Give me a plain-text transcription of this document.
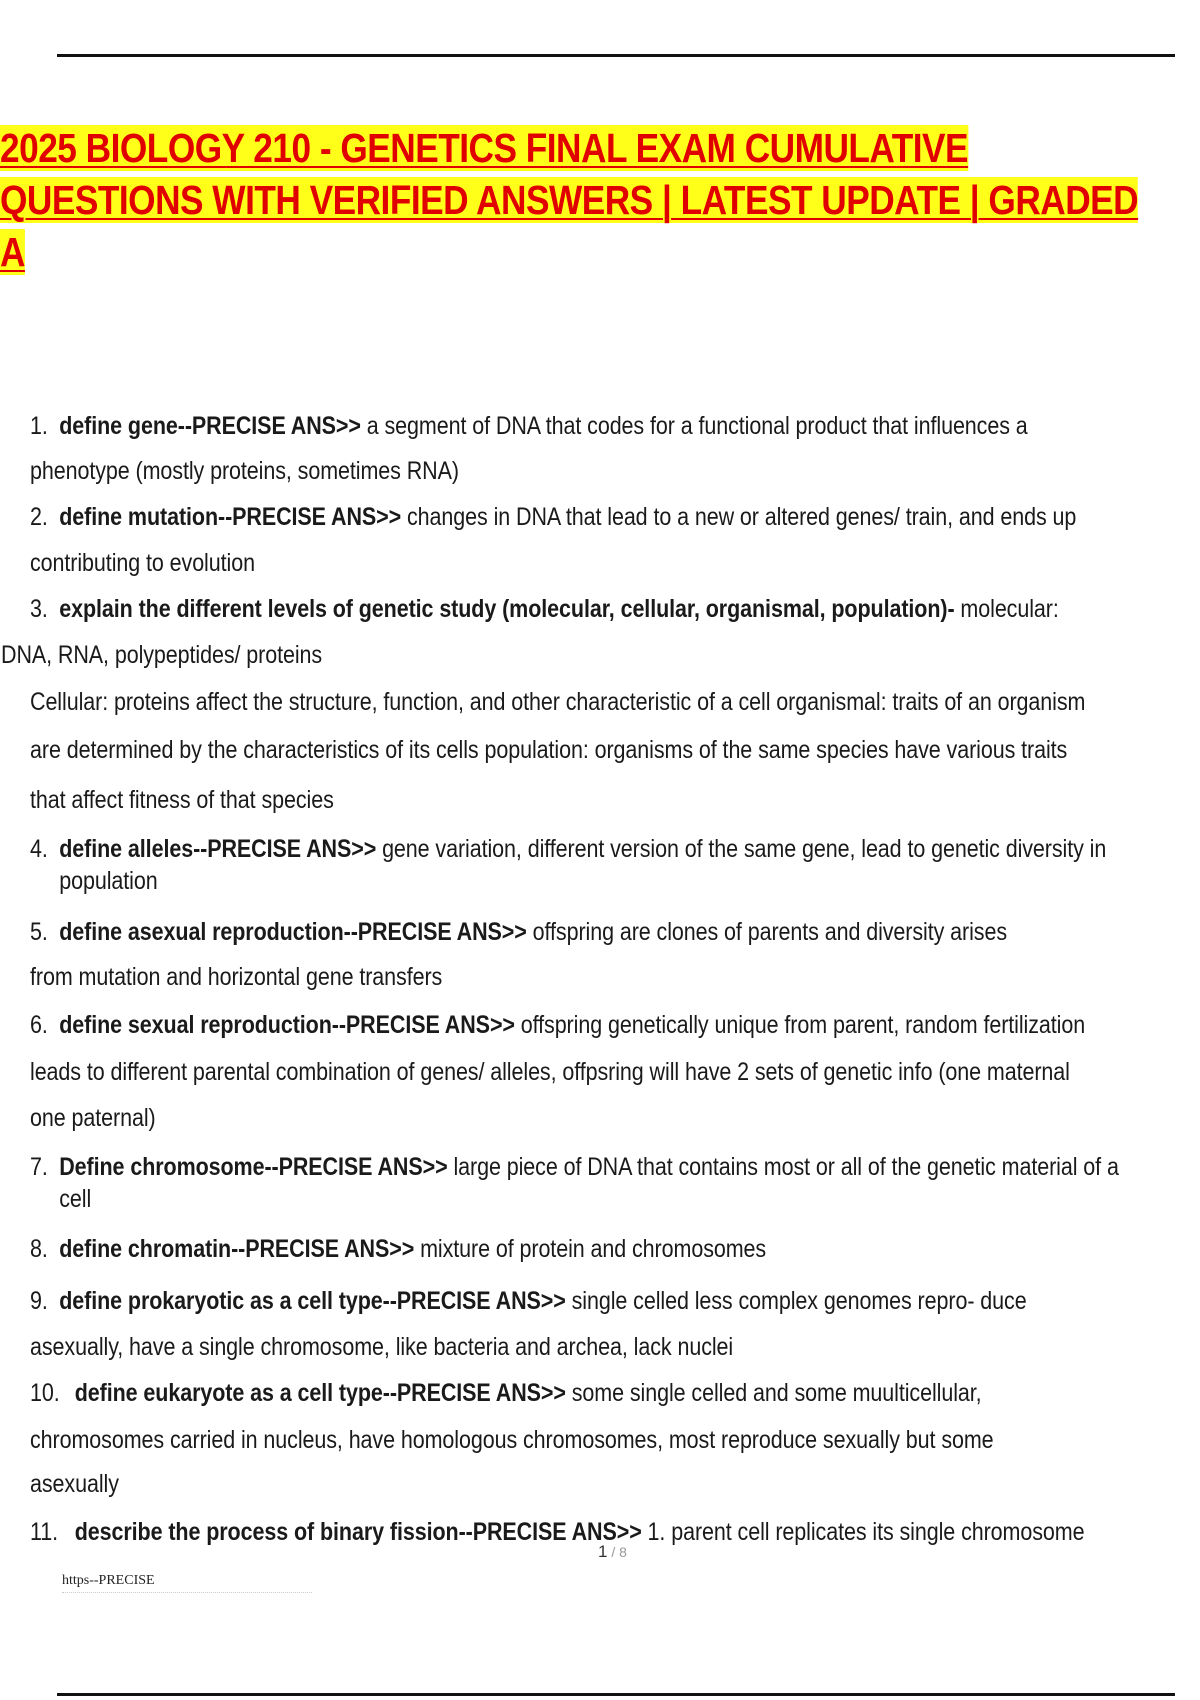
2025 BIOLOGY 210 - GENETICS FINAL EXAM CUMULATIVE
QUESTIONS WITH VERIFIED ANSWERS | LATEST UPDATE | GRADED
A
1. define gene--PRECISE ANS>> a segment of DNA that codes for a functional product that influences a
phenotype (mostly proteins, sometimes RNA)
2. define mutation--PRECISE ANS>> changes in DNA that lead to a new or altered genes/ train, and ends up
contributing to evolution
3. explain the different levels of genetic study (molecular, cellular, organismal, population)- molecular:
DNA, RNA, polypeptides/ proteins
Cellular: proteins affect the structure, function, and other characteristic of a cell organismal: traits of an organism
are determined by the characteristics of its cells population: organisms of the same species have various traits
that affect fitness of that species
4. define alleles--PRECISE ANS>> gene variation, different version of the same gene, lead to genetic diversity in
population
5. define asexual reproduction--PRECISE ANS>> offspring are clones of parents and diversity arises
from mutation and horizontal gene transfers
6. define sexual reproduction--PRECISE ANS>> offspring genetically unique from parent, random fertilization
leads to different parental combination of genes/ alleles, offpsring will have 2 sets of genetic info (one maternal
one paternal)
7. Define chromosome--PRECISE ANS>> large piece of DNA that contains most or all of the genetic material of a
cell
8. define chromatin--PRECISE ANS>> mixture of protein and chromosomes
9. define prokaryotic as a cell type--PRECISE ANS>> single celled less complex genomes repro- duce
asexually, have a single chromosome, like bacteria and archea, lack nuclei
10. define eukaryote as a cell type--PRECISE ANS>> some single celled and some muulticellular,
chromosomes carried in nucleus, have homologous chromosomes, most reproduce sexually but some
asexually
11. describe the process of binary fission--PRECISE ANS>> 1. parent cell replicates its single chromosome
1 / 8
https--PRECISE
